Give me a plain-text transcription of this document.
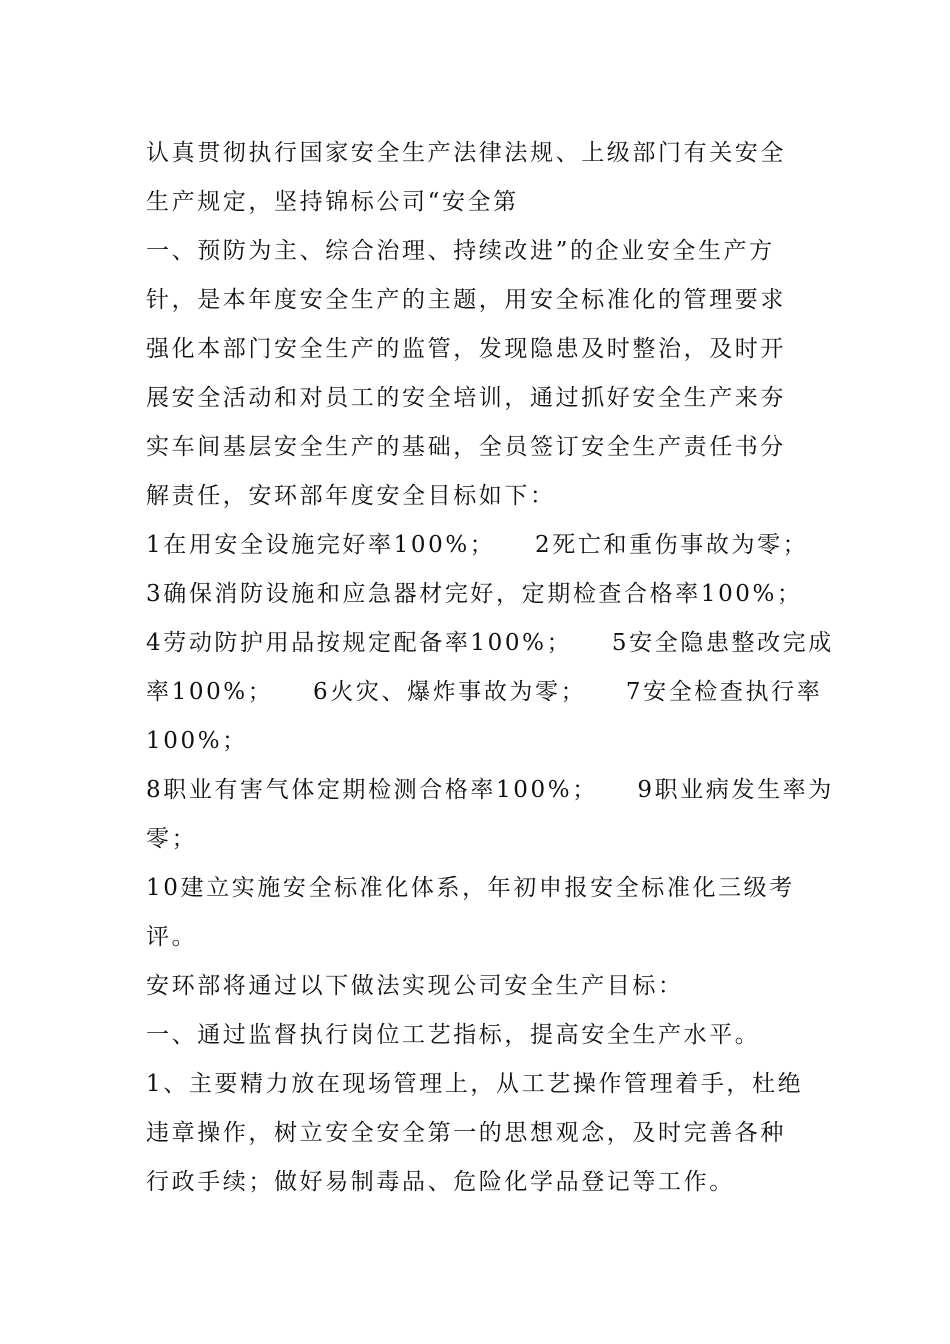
认真贯彻执行国家安全生产法律法规、上级部门有关安全
生产规定，坚持锦标公司“安全第
一、预防为主、综合治理、持续改进”的企业安全生产方
针，是本年度安全生产的主题，用安全标准化的管理要求
强化本部门安全生产的监管，发现隐患及时整治，及时开
展安全活动和对员工的安全培训，通过抓好安全生产来夯
实车间基层安全生产的基础，全员签订安全生产责任书分
解责任，安环部年度安全目标如下：
1在用安全设施完好率100%；    2死亡和重伤事故为零；
3确保消防设施和应急器材完好，定期检查合格率100%；
4劳动防护用品按规定配备率100%；    5安全隐患整改完成
率100%；    6火灾、爆炸事故为零；    7安全检查执行率
100%；
8职业有害气体定期检测合格率100%；    9职业病发生率为
零；
10建立实施安全标准化体系，年初申报安全标准化三级考
评。
安环部将通过以下做法实现公司安全生产目标：
一、通过监督执行岗位工艺指标，提高安全生产水平。
1、主要精力放在现场管理上，从工艺操作管理着手，杜绝
违章操作，树立安全安全第一的思想观念，及时完善各种
行政手续；做好易制毒品、危险化学品登记等工作。
